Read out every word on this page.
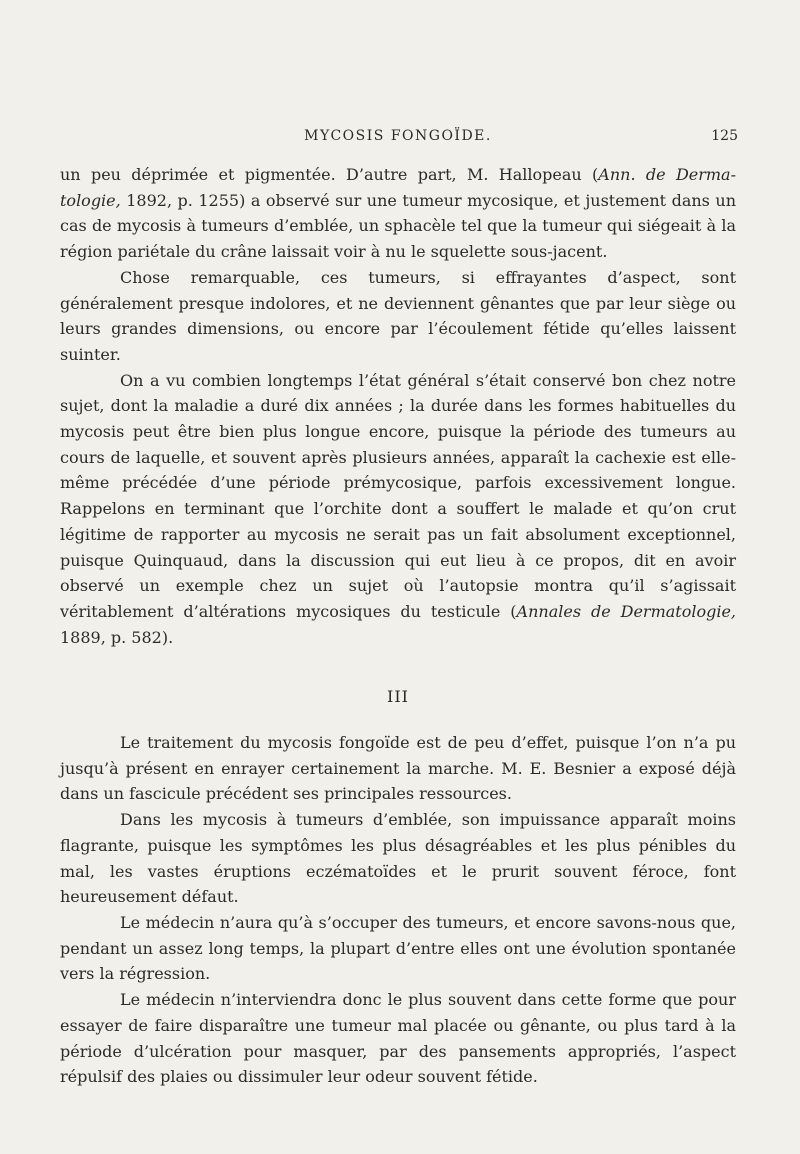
MYCOSIS FONGOÏDE.	125

un peu déprimée et pigmentée. D’autre part, M. Hallopeau (Ann. de Derma-tologie, 1892, p. 1255) a observé sur une tumeur mycosique, et justement dans un cas de mycosis à tumeurs d’emblée, un sphacèle tel que la tumeur qui siégeait à la région pariétale du crâne laissait voir à nu le squelette sous-jacent.

Chose remarquable, ces tumeurs, si effrayantes d’aspect, sont généralement presque indolores, et ne deviennent gênantes que par leur siège ou leurs grandes dimensions, ou encore par l’écoulement fétide qu’elles laissent suinter.

On a vu combien longtemps l’état général s’était conservé bon chez notre sujet, dont la maladie a duré dix années ; la durée dans les formes habituelles du mycosis peut être bien plus longue encore, puisque la période des tumeurs au cours de laquelle, et souvent après plusieurs années, apparaît la cachexie est elle-même précédée d’une période prémycosique, parfois excessivement longue. Rappelons en terminant que l’orchite dont a souffert le malade et qu’on crut légitime de rapporter au mycosis ne serait pas un fait absolument exceptionnel, puisque Quinquaud, dans la discussion qui eut lieu à ce propos, dit en avoir observé un exemple chez un sujet où l’autopsie montra qu’il s’agissait véritablement d’altérations mycosiques du testicule (Annales de Dermatologie, 1889, p. 582).

III

Le traitement du mycosis fongoïde est de peu d’effet, puisque l’on n’a pu jusqu’à présent en enrayer certainement la marche. M. E. Besnier a exposé déjà dans un fascicule précédent ses principales ressources.

Dans les mycosis à tumeurs d’emblée, son impuissance apparaît moins flagrante, puisque les symptômes les plus désagréables et les plus pénibles du mal, les vastes éruptions eczématoïdes et le prurit souvent féroce, font heureusement défaut.

Le médecin n’aura qu’à s’occuper des tumeurs, et encore savons-nous que, pendant un assez long temps, la plupart d’entre elles ont une évolution spontanée vers la régression.

Le médecin n’interviendra donc le plus souvent dans cette forme que pour essayer de faire disparaître une tumeur mal placée ou gênante, ou plus tard à la période d’ulcération pour masquer, par des pansements appropriés, l’aspect répulsif des plaies ou dissimuler leur odeur souvent fétide.
